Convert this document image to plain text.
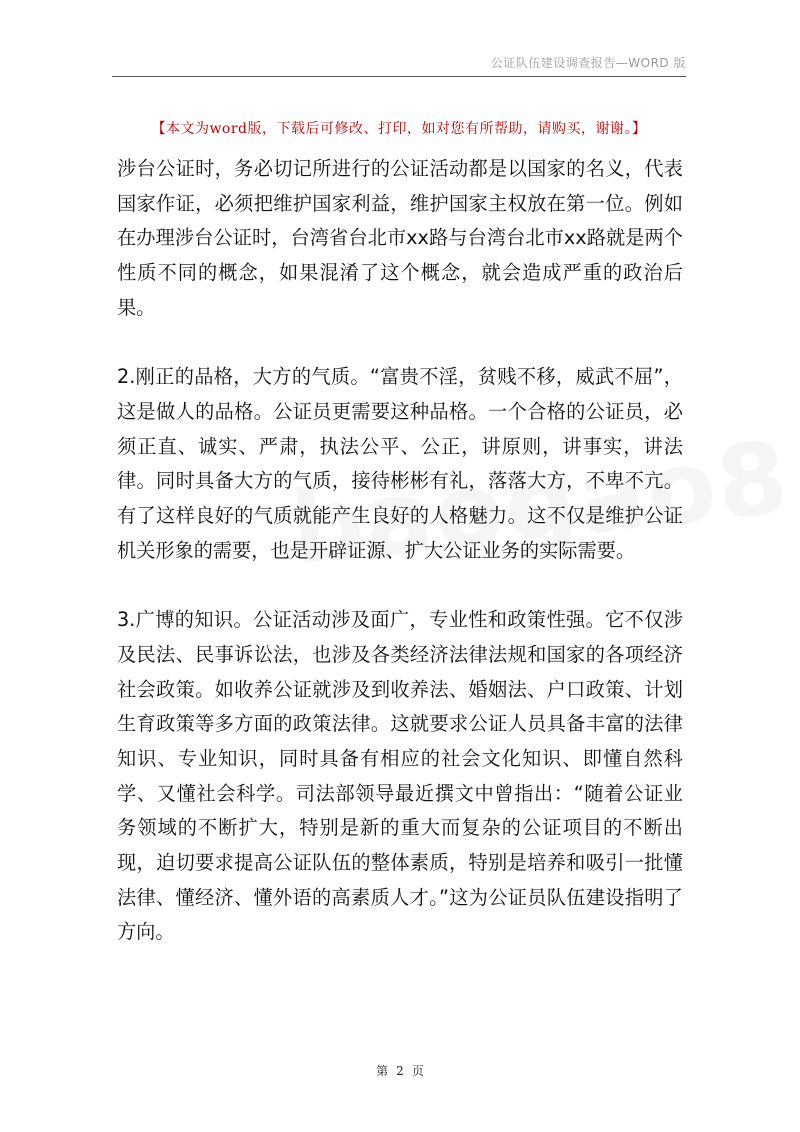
公证队伍建设调查报告—WORD 版
【本文为word版，下载后可修改、打印，如对您有所帮助，请购买，谢谢。】

涉台公证时，务必切记所进行的公证活动都是以国家的名义，代表国家作证，必须把维护国家利益，维护国家主权放在第一位。例如在办理涉台公证时，台湾省台北市xx路与台湾台北市xx路就是两个性质不同的概念，如果混淆了这个概念，就会造成严重的政治后果。

2.刚正的品格，大方的气质。“富贵不淫，贫贱不移，威武不屈”，这是做人的品格。公证员更需要这种品格。一个合格的公证员，必须正直、诚实、严肃，执法公平、公正，讲原则，讲事实，讲法律。同时具备大方的气质，接待彬彬有礼，落落大方，不卑不亢。有了这样良好的气质就能产生良好的人格魅力。这不仅是维护公证机关形象的需要，也是开辟证源、扩大公证业务的实际需要。

3.广博的知识。公证活动涉及面广，专业性和政策性强。它不仅涉及民法、民事诉讼法，也涉及各类经济法律法规和国家的各项经济社会政策。如收养公证就涉及到收养法、婚姻法、户口政策、计划生育政策等多方面的政策法律。这就要求公证人员具备丰富的法律知识、专业知识，同时具备有相应的社会文化知识、即懂自然科学、又懂社会科学。司法部领导最近撰文中曾指出：“随着公证业务领域的不断扩大，特别是新的重大而复杂的公证项目的不断出现，迫切要求提高公证队伍的整体素质，特别是培养和吸引一批懂法律、懂经济、懂外语的高素质人才。”这为公证员队伍建设指明了方向。

第 2 页
